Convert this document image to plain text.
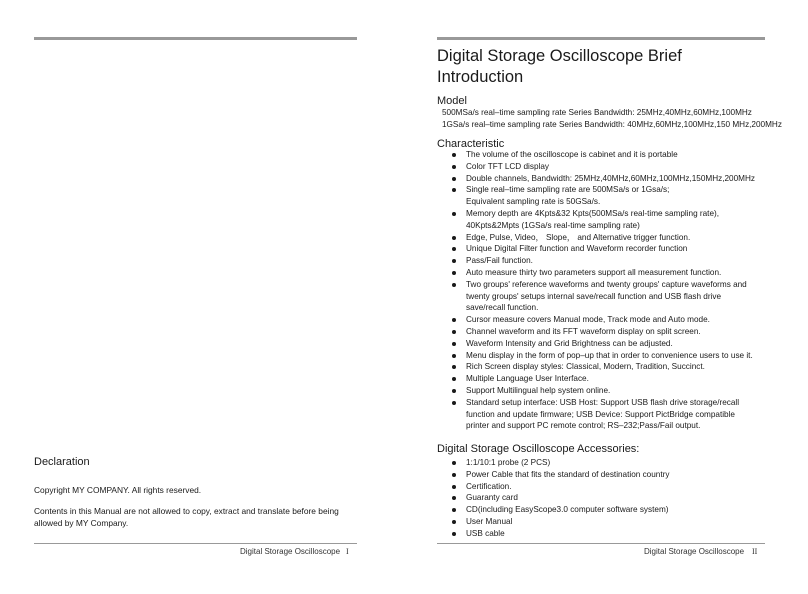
Declaration
Copyright MY COMPANY. All rights reserved.
Contents in this Manual are not allowed to copy, extract and translate before being allowed by MY Company.
Digital Storage Oscilloscope I
Digital Storage Oscilloscope Brief
Introduction
Model
500MSa/s real–time sampling rate Series Bandwidth: 25MHz,40MHz,60MHz,100MHz
1GSa/s real–time sampling rate Series Bandwidth: 40MHz,60MHz,100MHz,150 MHz,200MHz
Characteristic
The volume of the oscilloscope is cabinet and it is portable
Color TFT LCD display
Double channels, Bandwidth: 25MHz,40MHz,60MHz,100MHz,150MHz,200MHz
Single real–time sampling rate are 500MSa/s or 1Gsa/s;
Equivalent sampling rate is 50GSa/s.
Memory depth are 4Kpts&32 Kpts(500MSa/s real-time sampling rate),
40Kpts&2Mpts (1GSa/s real-time sampling rate)
Edge, Pulse, Video， Slope， and Alternative trigger function.
Unique Digital Filter function and Waveform recorder function
Pass/Fail function.
Auto measure thirty two parameters support all measurement function.
Two groups' reference waveforms and twenty groups' capture waveforms and
twenty groups' setups internal save/recall function and USB flash drive
save/recall function.
Cursor measure covers Manual mode, Track mode and Auto mode.
Channel waveform and its FFT waveform display on split screen.
Waveform Intensity and Grid Brightness can be adjusted.
Menu display in the form of pop–up that in order to convenience users to use it.
Rich Screen display styles: Classical, Modern, Tradition, Succinct.
Multiple Language User Interface.
Support Multilingual help system online.
Standard setup interface: USB Host: Support USB flash drive storage/recall
function and update firmware; USB Device: Support PictBridge compatible
printer and support PC remote control; RS–232;Pass/Fail output.
Digital Storage Oscilloscope Accessories:
1:1/10:1 probe (2 PCS)
Power Cable that fits the standard of destination country
Certification.
Guaranty card
CD(including EasyScope3.0 computer software system)
User Manual
USB cable
Digital Storage Oscilloscope II
